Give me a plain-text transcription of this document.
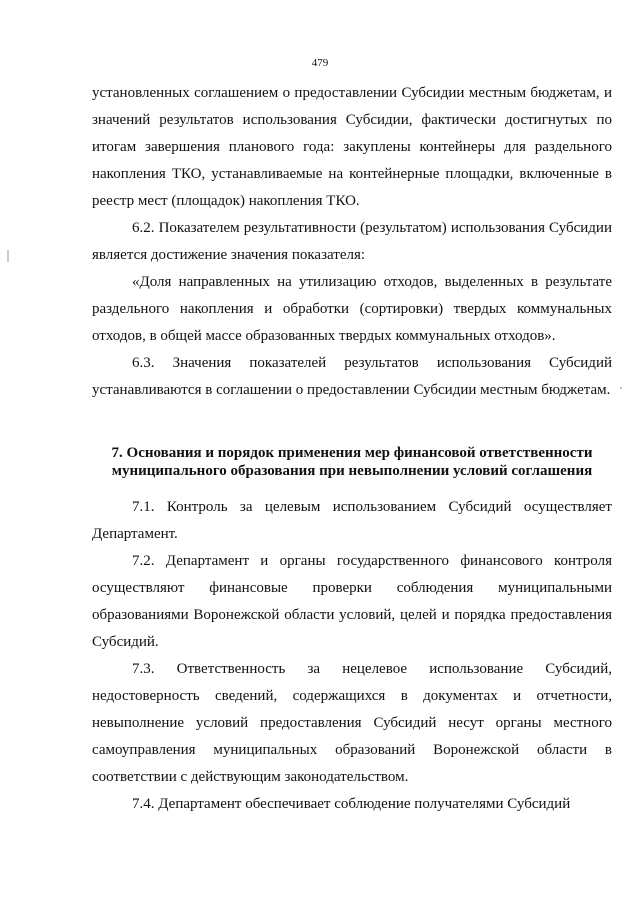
479

установленных соглашением о предоставлении Субсидии местным бюджетам, и значений результатов использования Субсидии, фактически достигнутых по итогам завершения планового года: закуплены контейнеры для раздельного накопления ТКО, устанавливаемые на контейнерные площадки, включенные в реестр мест (площадок) накопления ТКО.

6.2. Показателем результативности (результатом) использования Субсидии является достижение значения показателя:

«Доля направленных на утилизацию отходов, выделенных в результате раздельного накопления и обработки (сортировки) твердых коммунальных отходов, в общей массе образованных твердых коммунальных отходов».

6.3. Значения показателей результатов использования Субсидий устанавливаются в соглашении о предоставлении Субсидии местным бюджетам.

7. Основания и порядок применения мер финансовой ответственности муниципального образования при невыполнении условий соглашения

7.1. Контроль за целевым использованием Субсидий осуществляет Департамент.

7.2. Департамент и органы государственного финансового контроля осуществляют финансовые проверки соблюдения муниципальными образованиями Воронежской области условий, целей и порядка предоставления Субсидий.

7.3. Ответственность за нецелевое использование Субсидий, недостоверность сведений, содержащихся в документах и отчетности, невыполнение условий предоставления Субсидий несут органы местного самоуправления муниципальных образований Воронежской области в соответствии с действующим законодательством.

7.4. Департамент обеспечивает соблюдение получателями Субсидий
